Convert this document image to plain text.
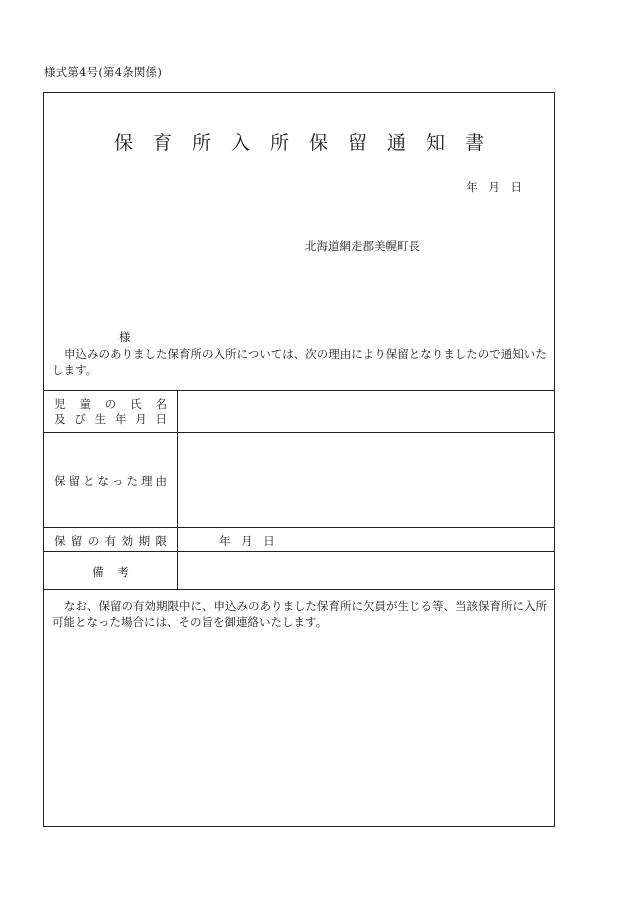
様式第4号(第4条関係)
保育所入所保留通知書
年 月 日
北海道網走郡美幌町長
様
申込みのありました保育所の入所については、次の理由により保留となりましたので通知いたします。
児童の氏名
及び生年月日
保留となった理由
保留の有効期限	年 月 日
備 考
なお、保留の有効期限中に、申込みのありました保育所に欠員が生じる等、当該保育所に入所可能となった場合には、その旨を御連絡いたします。
